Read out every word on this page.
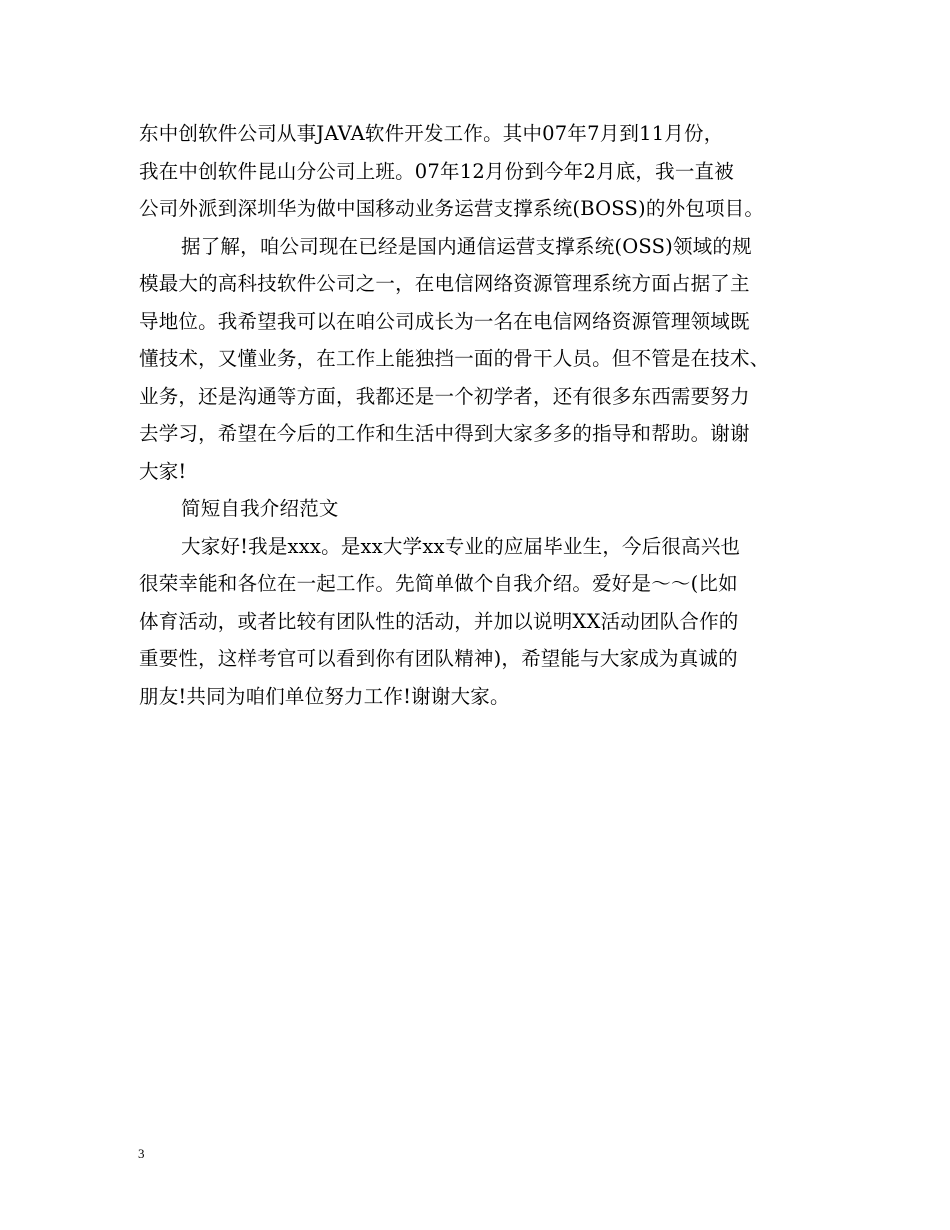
东中创软件公司从事JAVA软件开发工作。其中07年7月到11月份，
我在中创软件昆山分公司上班。07年12月份到今年2月底，我一直被
公司外派到深圳华为做中国移动业务运营支撑系统(BOSS)的外包项目。
据了解，咱公司现在已经是国内通信运营支撑系统(OSS)领域的规
模最大的高科技软件公司之一，在电信网络资源管理系统方面占据了主
导地位。我希望我可以在咱公司成长为一名在电信网络资源管理领域既
懂技术，又懂业务，在工作上能独挡一面的骨干人员。但不管是在技术、
业务，还是沟通等方面，我都还是一个初学者，还有很多东西需要努力
去学习，希望在今后的工作和生活中得到大家多多的指导和帮助。谢谢
大家!
简短自我介绍范文
大家好!我是xxx。是xx大学xx专业的应届毕业生，今后很高兴也
很荣幸能和各位在一起工作。先简单做个自我介绍。爱好是～～(比如
体育活动，或者比较有团队性的活动，并加以说明XX活动团队合作的
重要性，这样考官可以看到你有团队精神)，希望能与大家成为真诚的
朋友!共同为咱们单位努力工作!谢谢大家。
3
